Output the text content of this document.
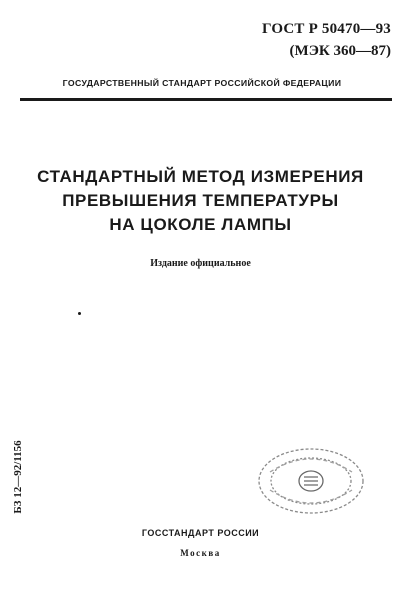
ГОСТ Р 50470—93
(МЭК 360—87)
ГОСУДАРСТВЕННЫЙ СТАНДАРТ РОССИЙСКОЙ ФЕДЕРАЦИИ
СТАНДАРТНЫЙ МЕТОД ИЗМЕРЕНИЯ
ПРЕВЫШЕНИЯ ТЕМПЕРАТУРЫ
НА ЦОКОЛЕ ЛАМПЫ
Издание официальное
БЗ 12—92/1156
ГОССТАНДАРТ РОССИИ
Москва
